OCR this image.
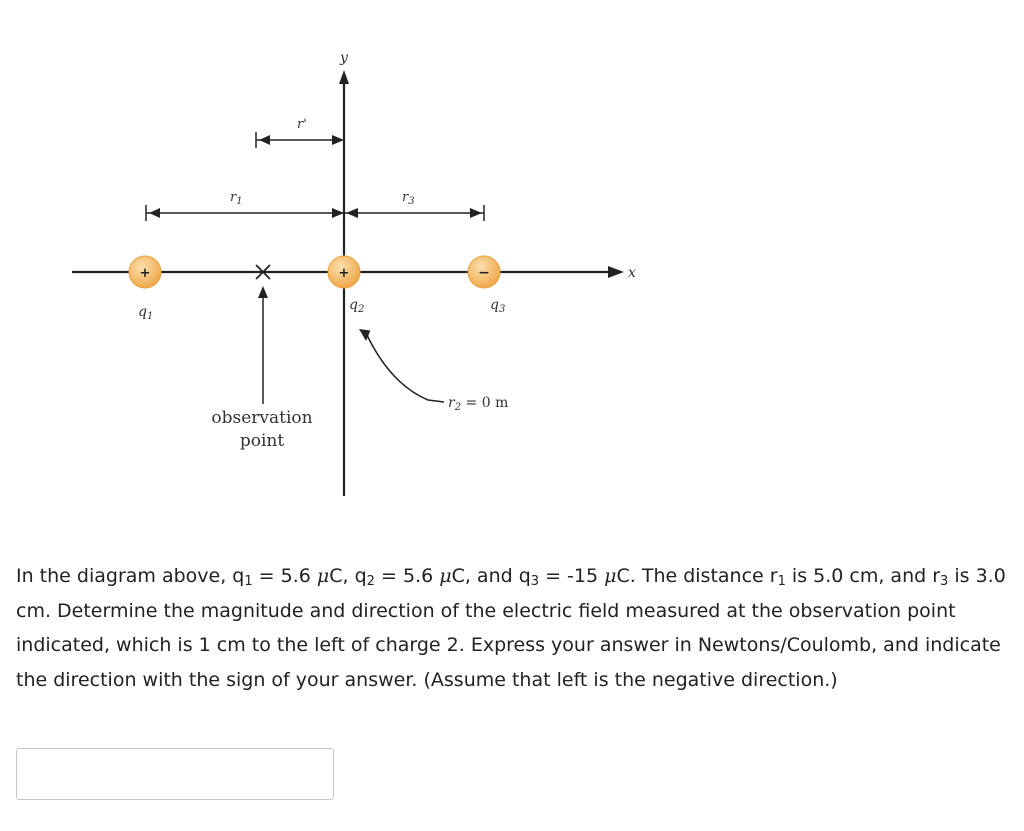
y
x
r'
$r_1$	$r_3$
observation
point
+
$q_1$
+
$q_2$
−
$q_3$
$r_2 = 0$ m

In the diagram above, $q_1 = 5.6$ μC, $q_2 = 5.6$ μC, and $q_3 = -15$ μC. The distance $r_1$ is 5.0 cm, and $r_3$ is 3.0 cm. Determine the magnitude and direction of the electric field measured at the observation point indicated, which is 1 cm to the left of charge 2. Express your answer in Newtons/Coulomb, and indicate the direction with the sign of your answer. (Assume that left is the negative direction.)
